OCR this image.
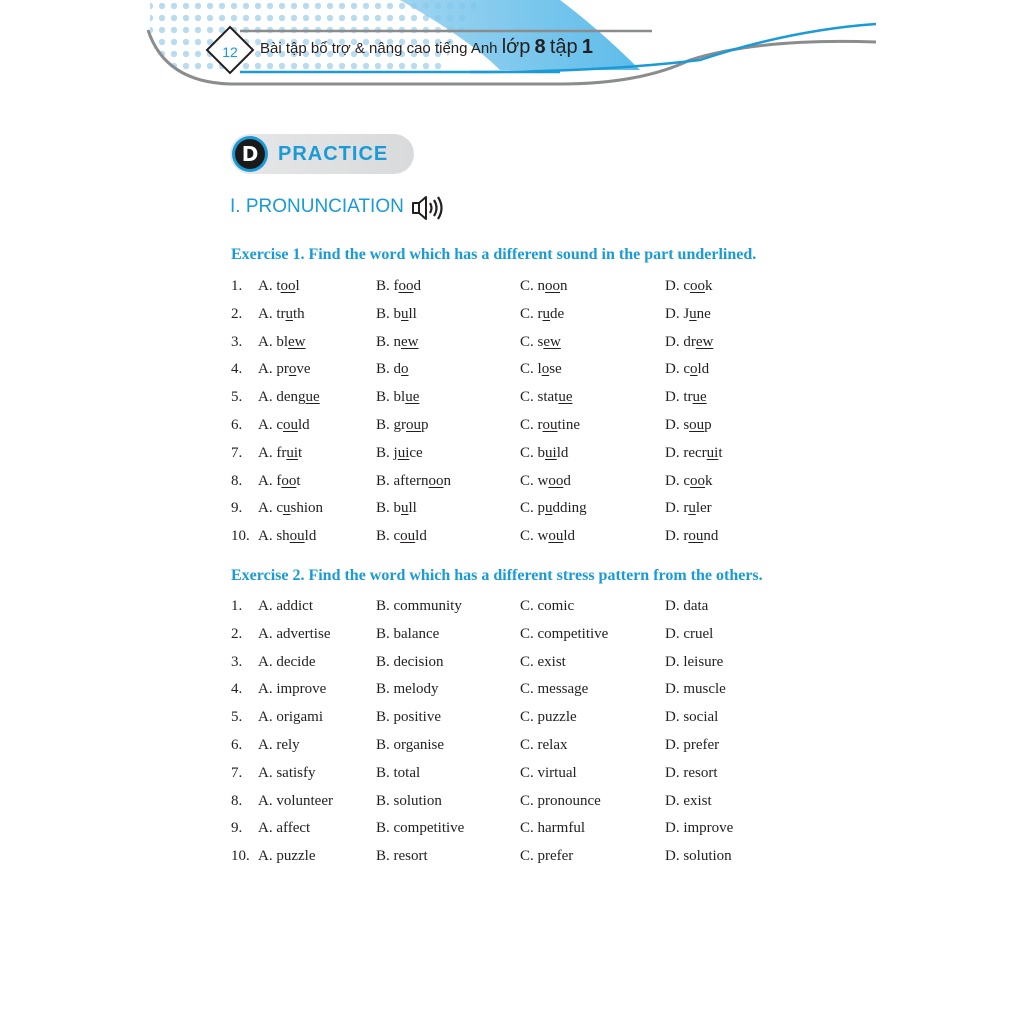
12	Bài tập bổ trợ & nâng cao tiếng Anh lớp 8 tập 1
D PRACTICE
I. PRONUNCIATION
Exercise 1. Find the word which has a different sound in the part underlined.
1. A. tool	B. food	C. noon	D. cook
2. A. truth	B. bull	C. rude	D. June
3. A. blew	B. new	C. sew	D. drew
4. A. prove	B. do	C. lose	D. cold
5. A. dengue	B. blue	C. statue	D. true
6. A. could	B. group	C. routine	D. soup
7. A. fruit	B. juice	C. build	D. recruit
8. A. foot	B. afternoon	C. wood	D. cook
9. A. cushion	B. bull	C. pudding	D. ruler
10. A. should	B. could	C. would	D. round
Exercise 2. Find the word which has a different stress pattern from the others.
1. A. addict	B. community	C. comic	D. data
2. A. advertise	B. balance	C. competitive	D. cruel
3. A. decide	B. decision	C. exist	D. leisure
4. A. improve	B. melody	C. message	D. muscle
5. A. origami	B. positive	C. puzzle	D. social
6. A. rely	B. organise	C. relax	D. prefer
7. A. satisfy	B. total	C. virtual	D. resort
8. A. volunteer	B. solution	C. pronounce	D. exist
9. A. affect	B. competitive	C. harmful	D. improve
10. A. puzzle	B. resort	C. prefer	D. solution
